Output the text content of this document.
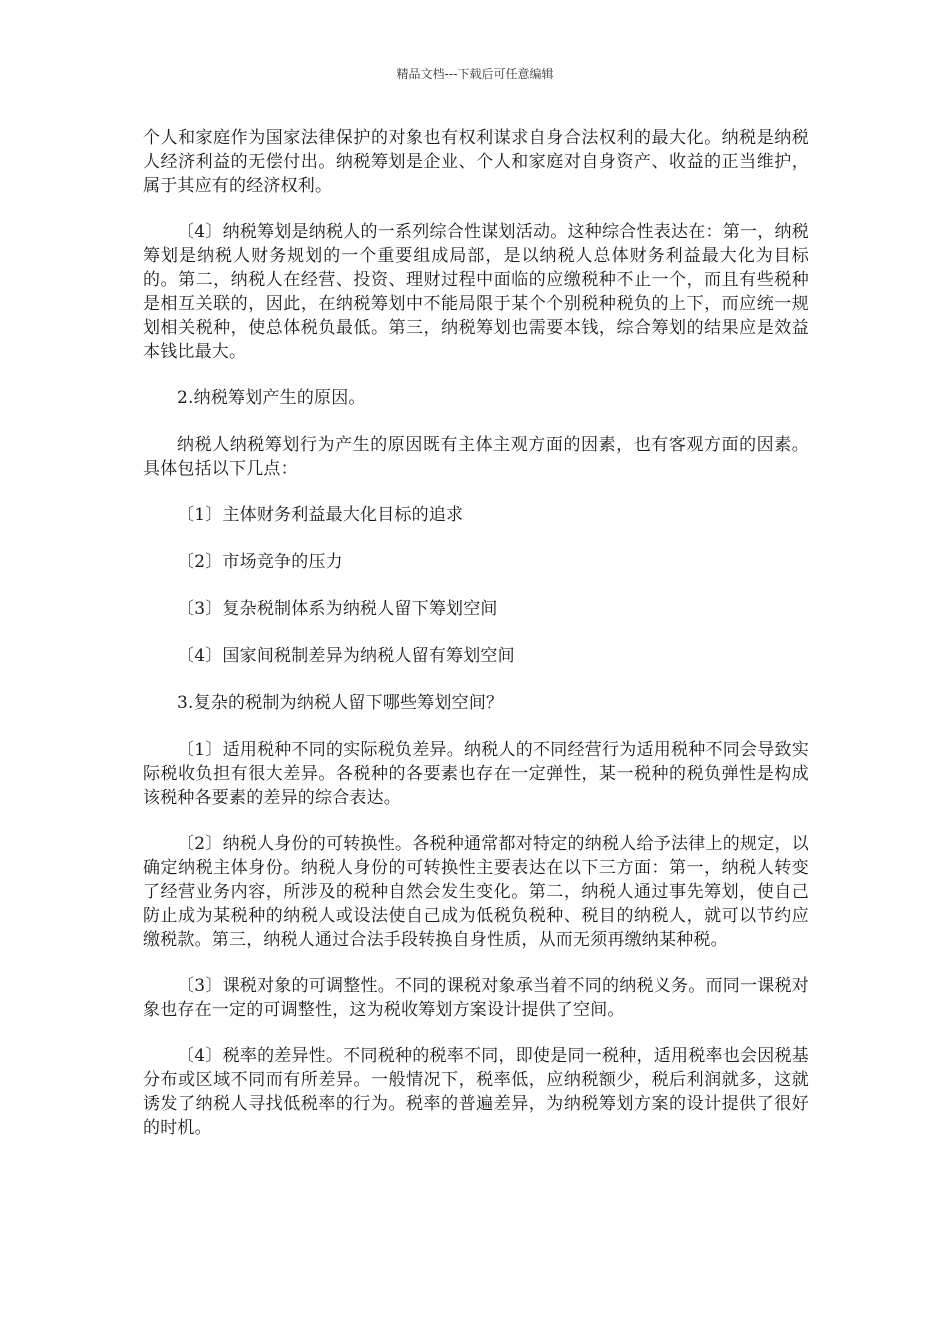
精品文档---下载后可任意编辑

个人和家庭作为国家法律保护的对象也有权利谋求自身合法权利的最大化。纳税是纳税人经济利益的无偿付出。纳税筹划是企业、个人和家庭对自身资产、收益的正当维护，属于其应有的经济权利。

〔4〕纳税筹划是纳税人的一系列综合性谋划活动。这种综合性表达在：第一，纳税筹划是纳税人财务规划的一个重要组成局部，是以纳税人总体财务利益最大化为目标的。第二，纳税人在经营、投资、理财过程中面临的应缴税种不止一个，而且有些税种是相互关联的，因此，在纳税筹划中不能局限于某个个别税种税负的上下，而应统一规划相关税种，使总体税负最低。第三，纳税筹划也需要本钱，综合筹划的结果应是效益本钱比最大。

2.纳税筹划产生的原因。

纳税人纳税筹划行为产生的原因既有主体主观方面的因素，也有客观方面的因素。具体包括以下几点：

〔1〕主体财务利益最大化目标的追求

〔2〕市场竞争的压力

〔3〕复杂税制体系为纳税人留下筹划空间

〔4〕国家间税制差异为纳税人留有筹划空间

3.复杂的税制为纳税人留下哪些筹划空间？

〔1〕适用税种不同的实际税负差异。纳税人的不同经营行为适用税种不同会导致实际税收负担有很大差异。各税种的各要素也存在一定弹性，某一税种的税负弹性是构成该税种各要素的差异的综合表达。

〔2〕纳税人身份的可转换性。各税种通常都对特定的纳税人给予法律上的规定，以确定纳税主体身份。纳税人身份的可转换性主要表达在以下三方面：第一，纳税人转变了经营业务内容，所涉及的税种自然会发生变化。第二，纳税人通过事先筹划，使自己防止成为某税种的纳税人或设法使自己成为低税负税种、税目的纳税人，就可以节约应缴税款。第三，纳税人通过合法手段转换自身性质，从而无须再缴纳某种税。

〔3〕课税对象的可调整性。不同的课税对象承当着不同的纳税义务。而同一课税对象也存在一定的可调整性，这为税收筹划方案设计提供了空间。

〔4〕税率的差异性。不同税种的税率不同，即使是同一税种，适用税率也会因税基分布或区域不同而有所差异。一般情况下，税率低，应纳税额少，税后利润就多，这就诱发了纳税人寻找低税率的行为。税率的普遍差异，为纳税筹划方案的设计提供了很好的时机。
